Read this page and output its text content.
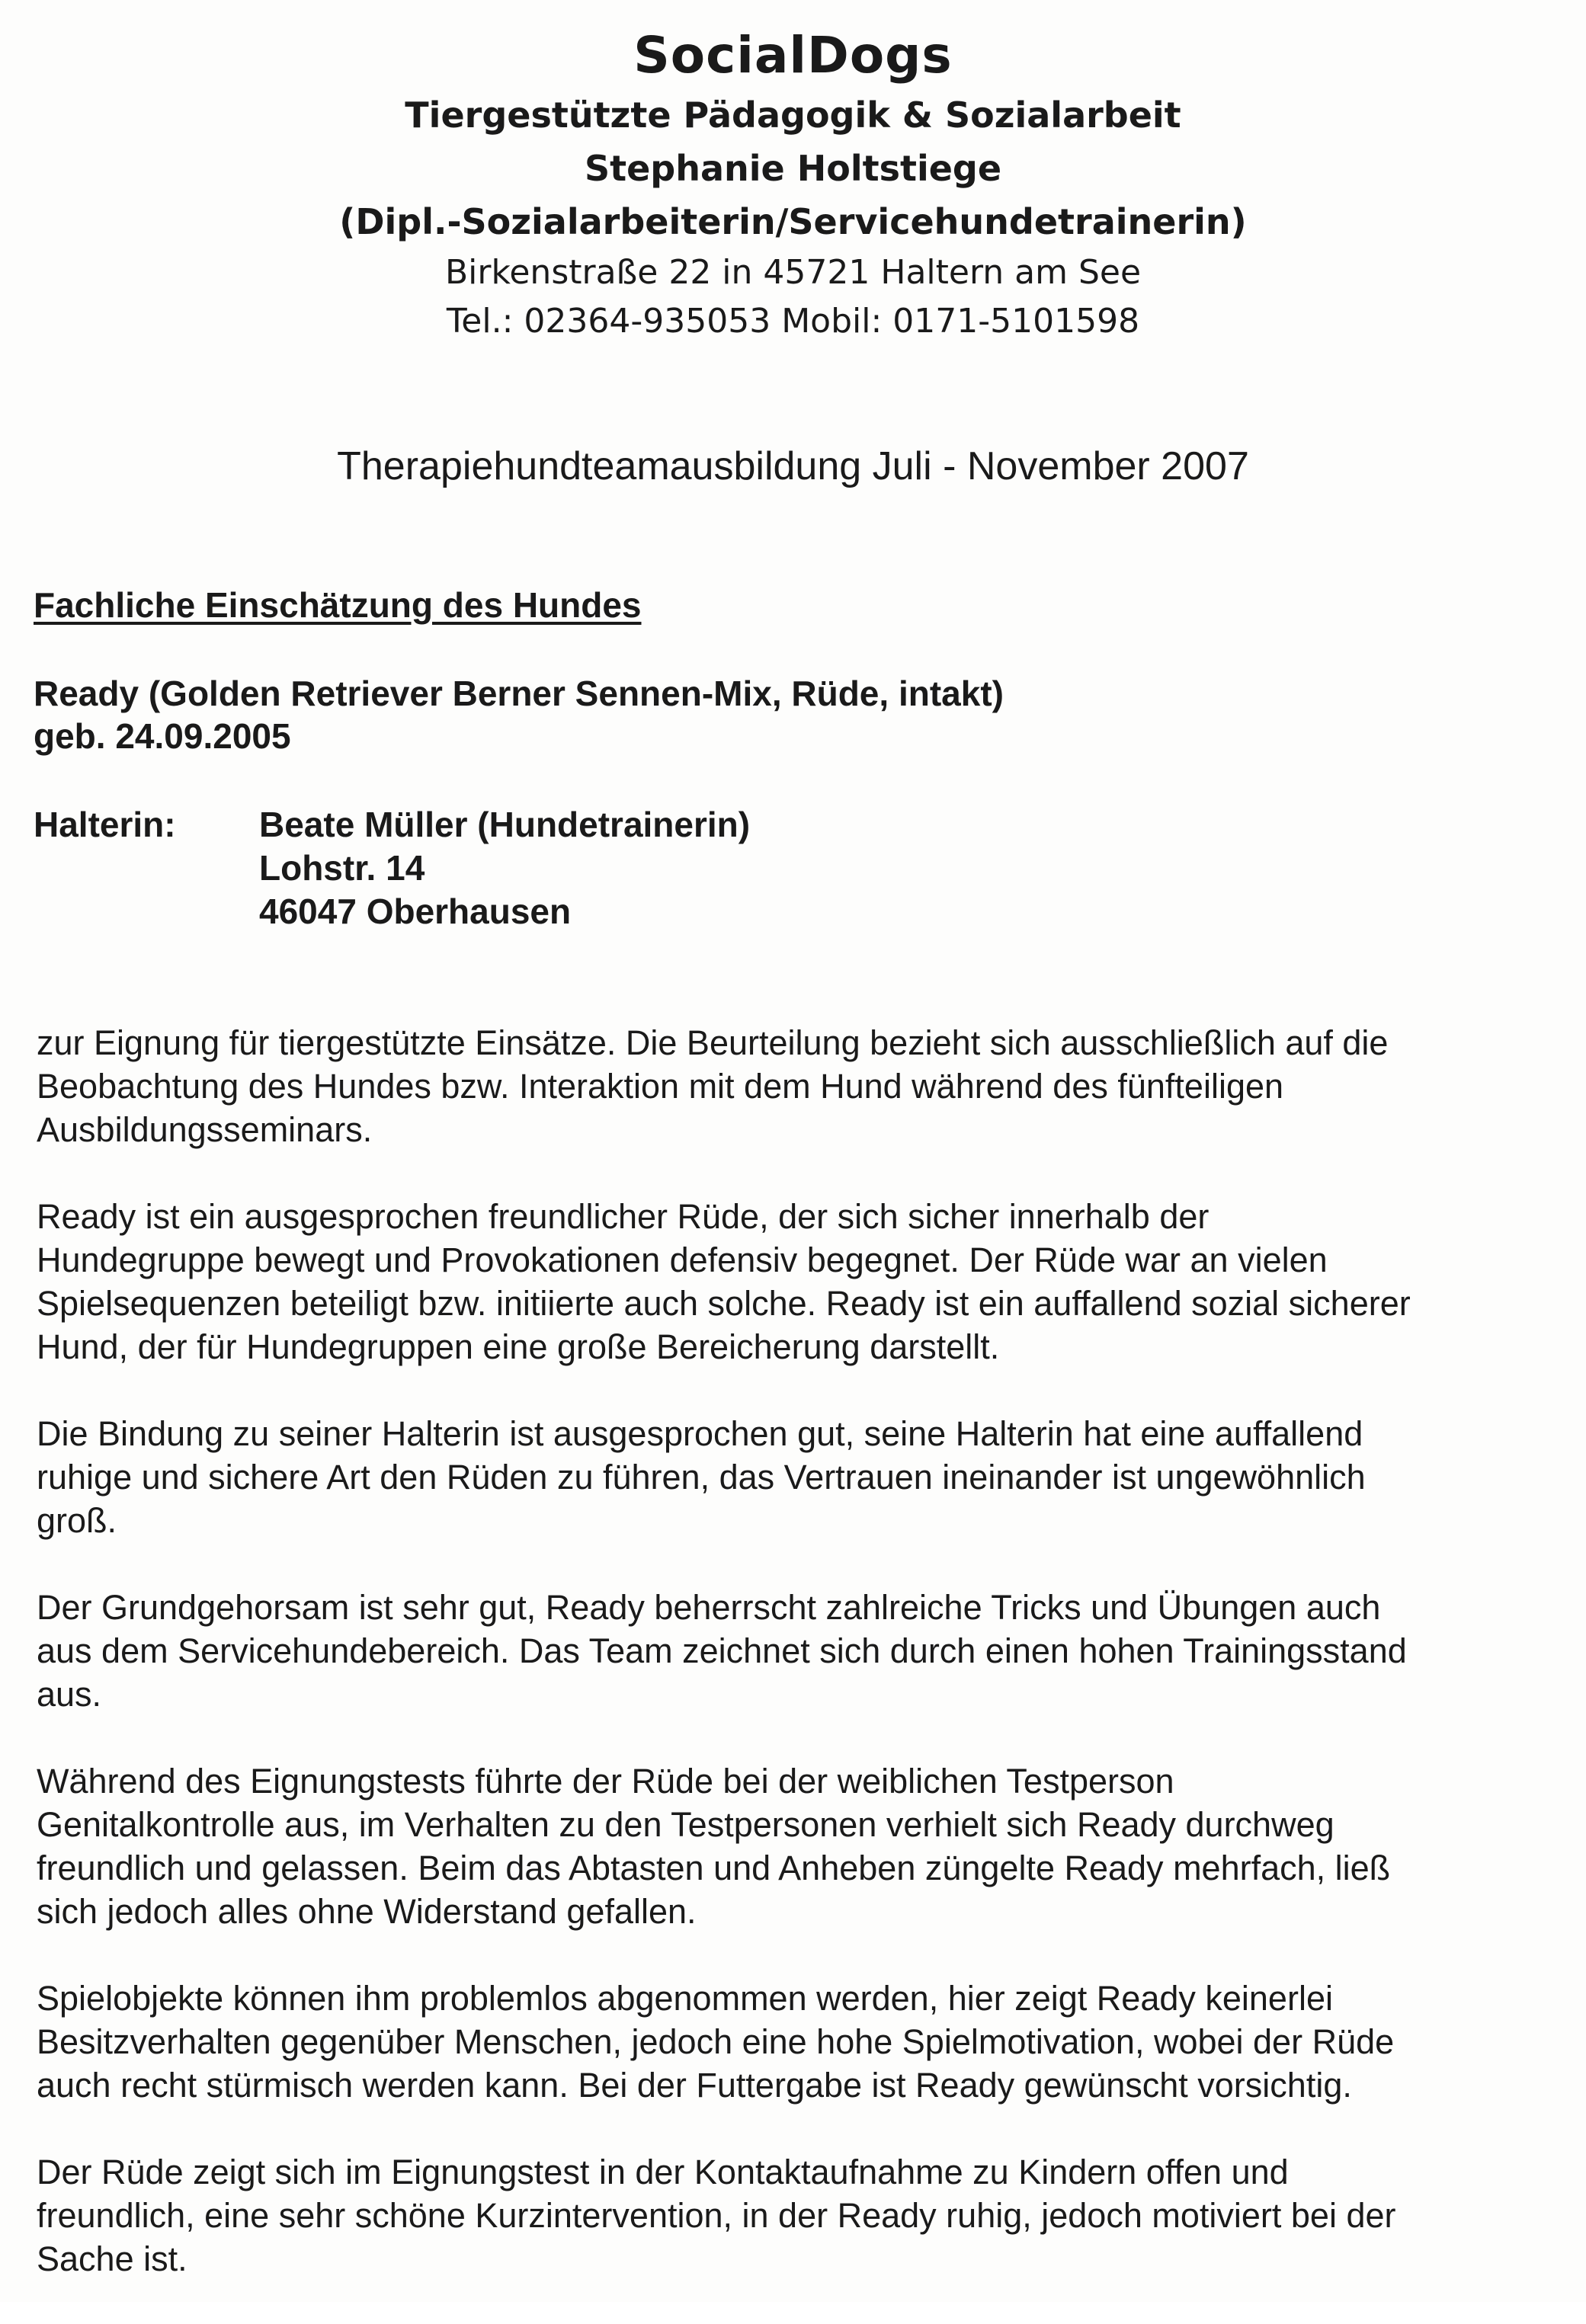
SocialDogs
Tiergestützte Pädagogik & Sozialarbeit
Stephanie Holtstiege
(Dipl.-Sozialarbeiterin/Servicehundetrainerin)
Birkenstraße 22 in 45721 Haltern am See
Tel.: 02364-935053 Mobil: 0171-5101598
Therapiehundteamausbildung Juli - November 2007
Fachliche Einschätzung des Hundes
Ready (Golden Retriever Berner Sennen-Mix, Rüde, intakt)
geb. 24.09.2005
Halterin: Beate Müller (Hundetrainerin)
Lohstr. 14
46047 Oberhausen

zur Eignung für tiergestützte Einsätze. Die Beurteilung bezieht sich ausschließlich auf die
Beobachtung des Hundes bzw. Interaktion mit dem Hund während des fünfteiligen
Ausbildungsseminars.

Ready ist ein ausgesprochen freundlicher Rüde, der sich sicher innerhalb der
Hundegruppe bewegt und Provokationen defensiv begegnet. Der Rüde war an vielen
Spielsequenzen beteiligt bzw. initiierte auch solche. Ready ist ein auffallend sozial sicherer
Hund, der für Hundegruppen eine große Bereicherung darstellt.

Die Bindung zu seiner Halterin ist ausgesprochen gut, seine Halterin hat eine auffallend
ruhige und sichere Art den Rüden zu führen, das Vertrauen ineinander ist ungewöhnlich
groß.

Der Grundgehorsam ist sehr gut, Ready beherrscht zahlreiche Tricks und Übungen auch
aus dem Servicehundebereich. Das Team zeichnet sich durch einen hohen Trainingsstand
aus.

Während des Eignungstests führte der Rüde bei der weiblichen Testperson
Genitalkontrolle aus, im Verhalten zu den Testpersonen verhielt sich Ready durchweg
freundlich und gelassen. Beim das Abtasten und Anheben züngelte Ready mehrfach, ließ
sich jedoch alles ohne Widerstand gefallen.

Spielobjekte können ihm problemlos abgenommen werden, hier zeigt Ready keinerlei
Besitzverhalten gegenüber Menschen, jedoch eine hohe Spielmotivation, wobei der Rüde
auch recht stürmisch werden kann. Bei der Futtergabe ist Ready gewünscht vorsichtig.

Der Rüde zeigt sich im Eignungstest in der Kontaktaufnahme zu Kindern offen und
freundlich, eine sehr schöne Kurzintervention, in der Ready ruhig, jedoch motiviert bei der
Sache ist.
